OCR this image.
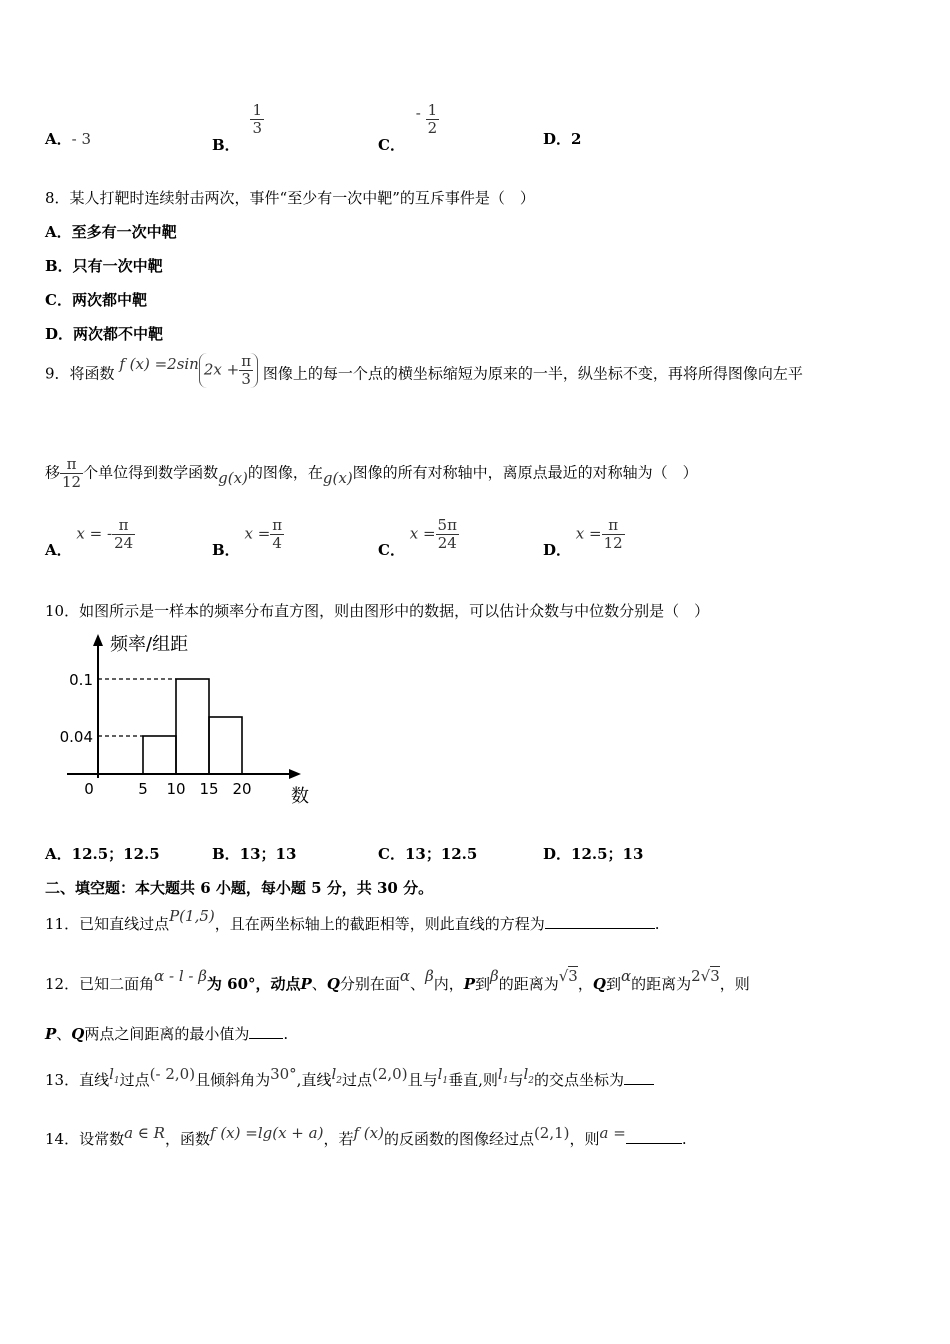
A．- 3	B．
$\frac{1}{3}$
C． - $\frac{1}{2}$
D．2
8．某人打靶时连续射击两次，事件“至少有一次中靶”的互斥事件是（　）
A．至多有一次中靶
B．只有一次中靶
C．两次都中靶
D．两次都不中靶
9．将函数 f (x) =2sin $2x + \frac{\pi}{3}$ 图像上的每一个点的横坐标缩短为原来的一半，纵坐标不变，再将所得图像向左平
移 $\frac{\pi}{12}$ 个单位得到数学函数g(x)的图像，在g(x)图像的所有对称轴中，离原点最近的对称轴为（　）
A． x = - $\frac{\pi}{24}$	B． $x = \frac{\pi}{4}$	C． $x = \frac{5\pi}{24}$	D． $x = \frac{\pi}{12}$
10．如图所示是一样本的频率分布直方图，则由图形中的数据，可以估计众数与中位数分别是（　）
0.04
0.1
5 10 15 20
0
频率/组距
数
A．12.5；12.5	B．13；13	C．13；12.5	D．12.5；13
二、填空题：本大题共 6 小题，每小题 5 分，共 30 分。
11．已知直线过点P(1,5)，且在两坐标轴上的截距相等，则此直线的方程为	.
12．已知二面角α - l - β为 60°，动点P、Q分别在面α、β内，P到β的距离为√3，Q到α的距离为2√3，则
P、Q两点之间距离的最小值为 .
13．直线$l_1$过点(- 2,0)且倾斜角为30°,直线$l_2$过点(2,0)且与$l_1$垂直,则$l_1$与$l_2$的交点坐标为
14．设常数a ∈ R，函数f (x) =lg(x + a)，若f (x)的反函数的图像经过点(2,1)，则a =	.
